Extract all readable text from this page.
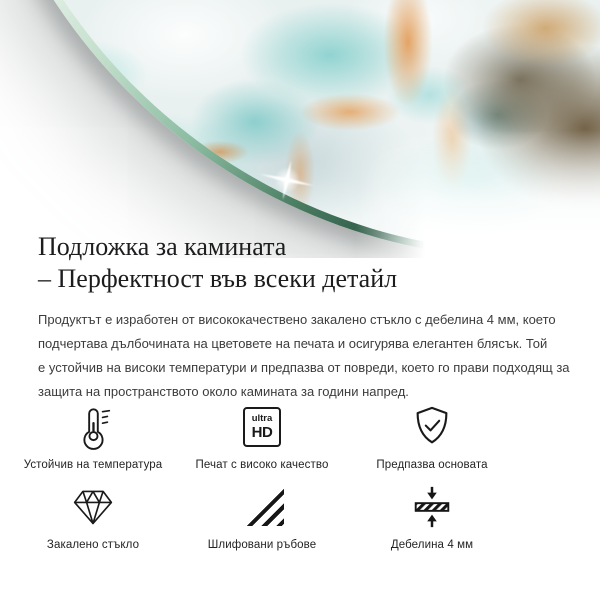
Подложка за камината
– Перфектност във всеки детайл
Продуктът е изработен от висококачествено закалено стъкло с дебелина 4 мм, което
подчертава дълбочината на цветовете на печата и осигурява елегантен блясък. Той
е устойчив на високи температури и предпазва от повреди, което го прави подходящ за
защита на пространството около камината за години напред.
Устойчив на температура
ultra
HD
Печат с високо качество	Предпазва основата
Закалено стъкло	Шлифовани ръбове	Дебелина 4 мм
